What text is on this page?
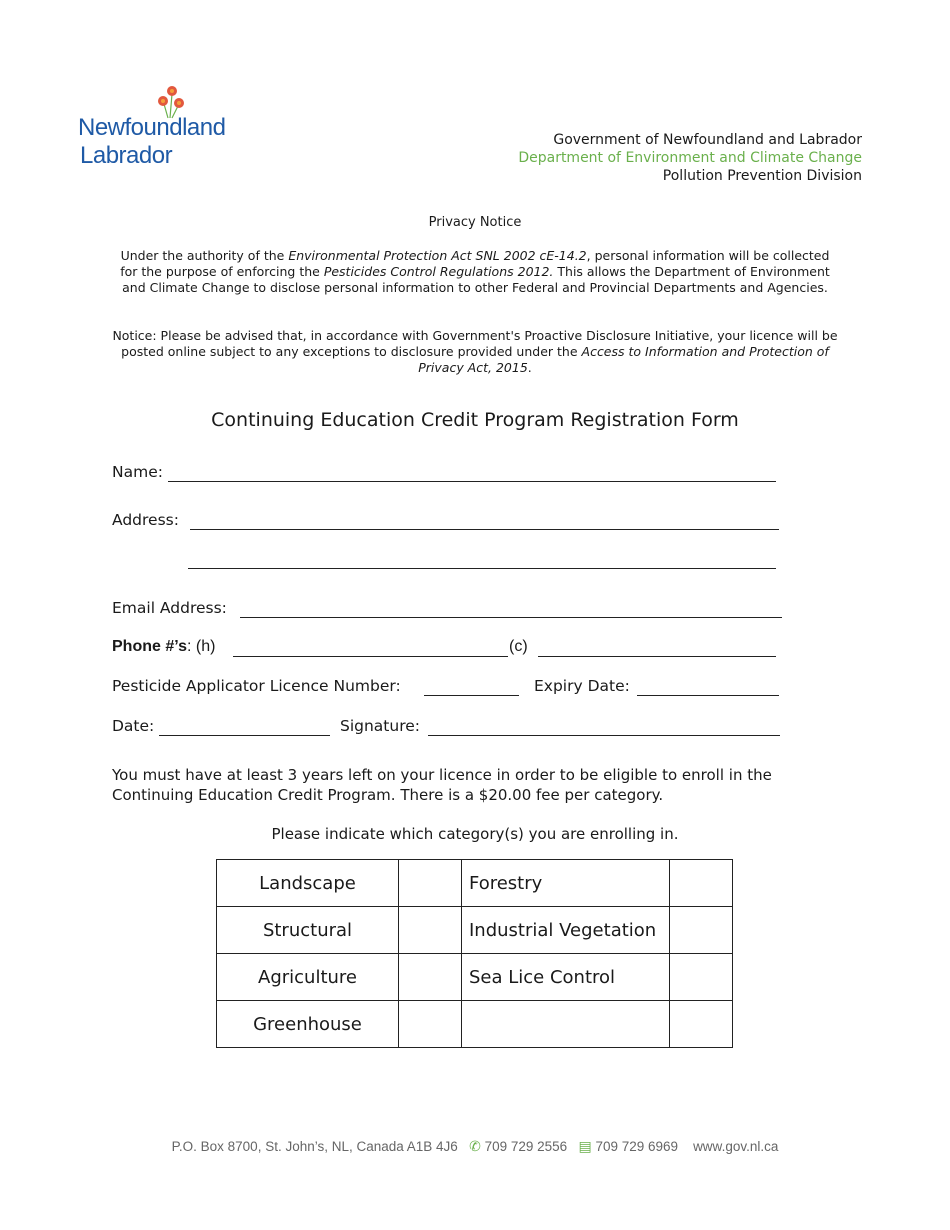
Newfoundland
Labrador
Government of Newfoundland and Labrador
Department of Environment and Climate Change
Pollution Prevention Division
Privacy Notice
Under the authority of the Environmental Protection Act SNL 2002 cE-14.2, personal information will be collected for the purpose of enforcing the Pesticides Control Regulations 2012. This allows the Department of Environment and Climate Change to disclose personal information to other Federal and Provincial Departments and Agencies.
Notice: Please be advised that, in accordance with Government's Proactive Disclosure Initiative, your licence will be posted online subject to any exceptions to disclosure provided under the Access to Information and Protection of Privacy Act, 2015.
Continuing Education Credit Program Registration Form
Name:
Address:
Email Address:
Phone #’s: (h)	(c)
Pesticide Applicator Licence Number:	Expiry Date:
Date:	Signature:
You must have at least 3 years left on your licence in order to be eligible to enroll in the Continuing Education Credit Program. There is a $20.00 fee per category.
Please indicate which category(s) you are enrolling in.
Landscape		Forestry	
Structural		Industrial Vegetation	
Agriculture		Sea Lice Control	
Greenhouse			
P.O. Box 8700, St. John’s, NL, Canada A1B 4J6 ✆ 709 729 2556 ▤ 709 729 6969 www.gov.nl.ca
